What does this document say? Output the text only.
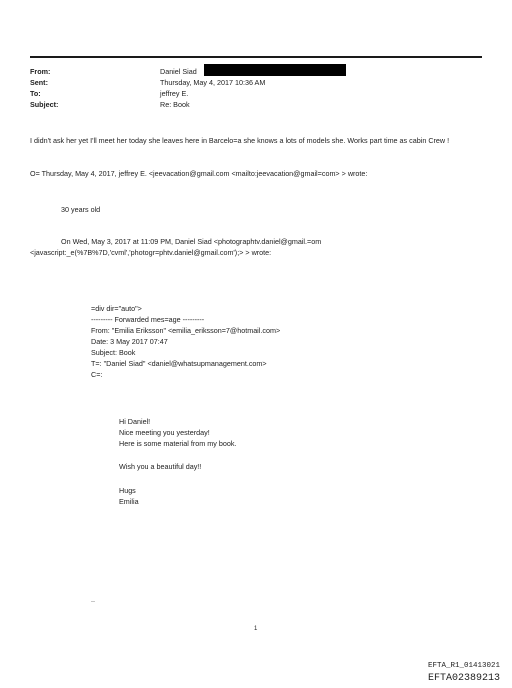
From:
Sent:
To:
Subject:
Daniel Siad
Thursday, May 4, 2017 10:36 AM
jeffrey E.
Re: Book
I didn't ask her yet I'll meet her today she leaves here in Barcelo=a she knows a lots of models she. Works part time as cabin Crew !
O= Thursday, May 4, 2017, jeffrey E. <jeevacation@gmail.com <mailto:jeevacation@gmail=com> > wrote:
30 years old
On Wed, May 3, 2017 at 11:09 PM, Daniel Siad <photographtv.daniel@gmail.=om
<javascript:_e(%7B%7D,'cvml','photogr=phtv.daniel@gmail.com');> > wrote:
=div dir="auto">
--------- Forwarded mes=age ---------
From: "Emilia Eriksson" <emilia_eriksson=7@hotmail.com>
Date: 3 May 2017 07:47
Subject: Book
T=: "Daniel Siad" <daniel@whatsupmanagement.com>
C=:
Hi Daniel!
Nice meeting you yesterday!
Here is some material from my book.
Wish you a beautiful day!!
Hugs
Emilia
..
1
EFTA_R1_01413021
EFTA02389213
